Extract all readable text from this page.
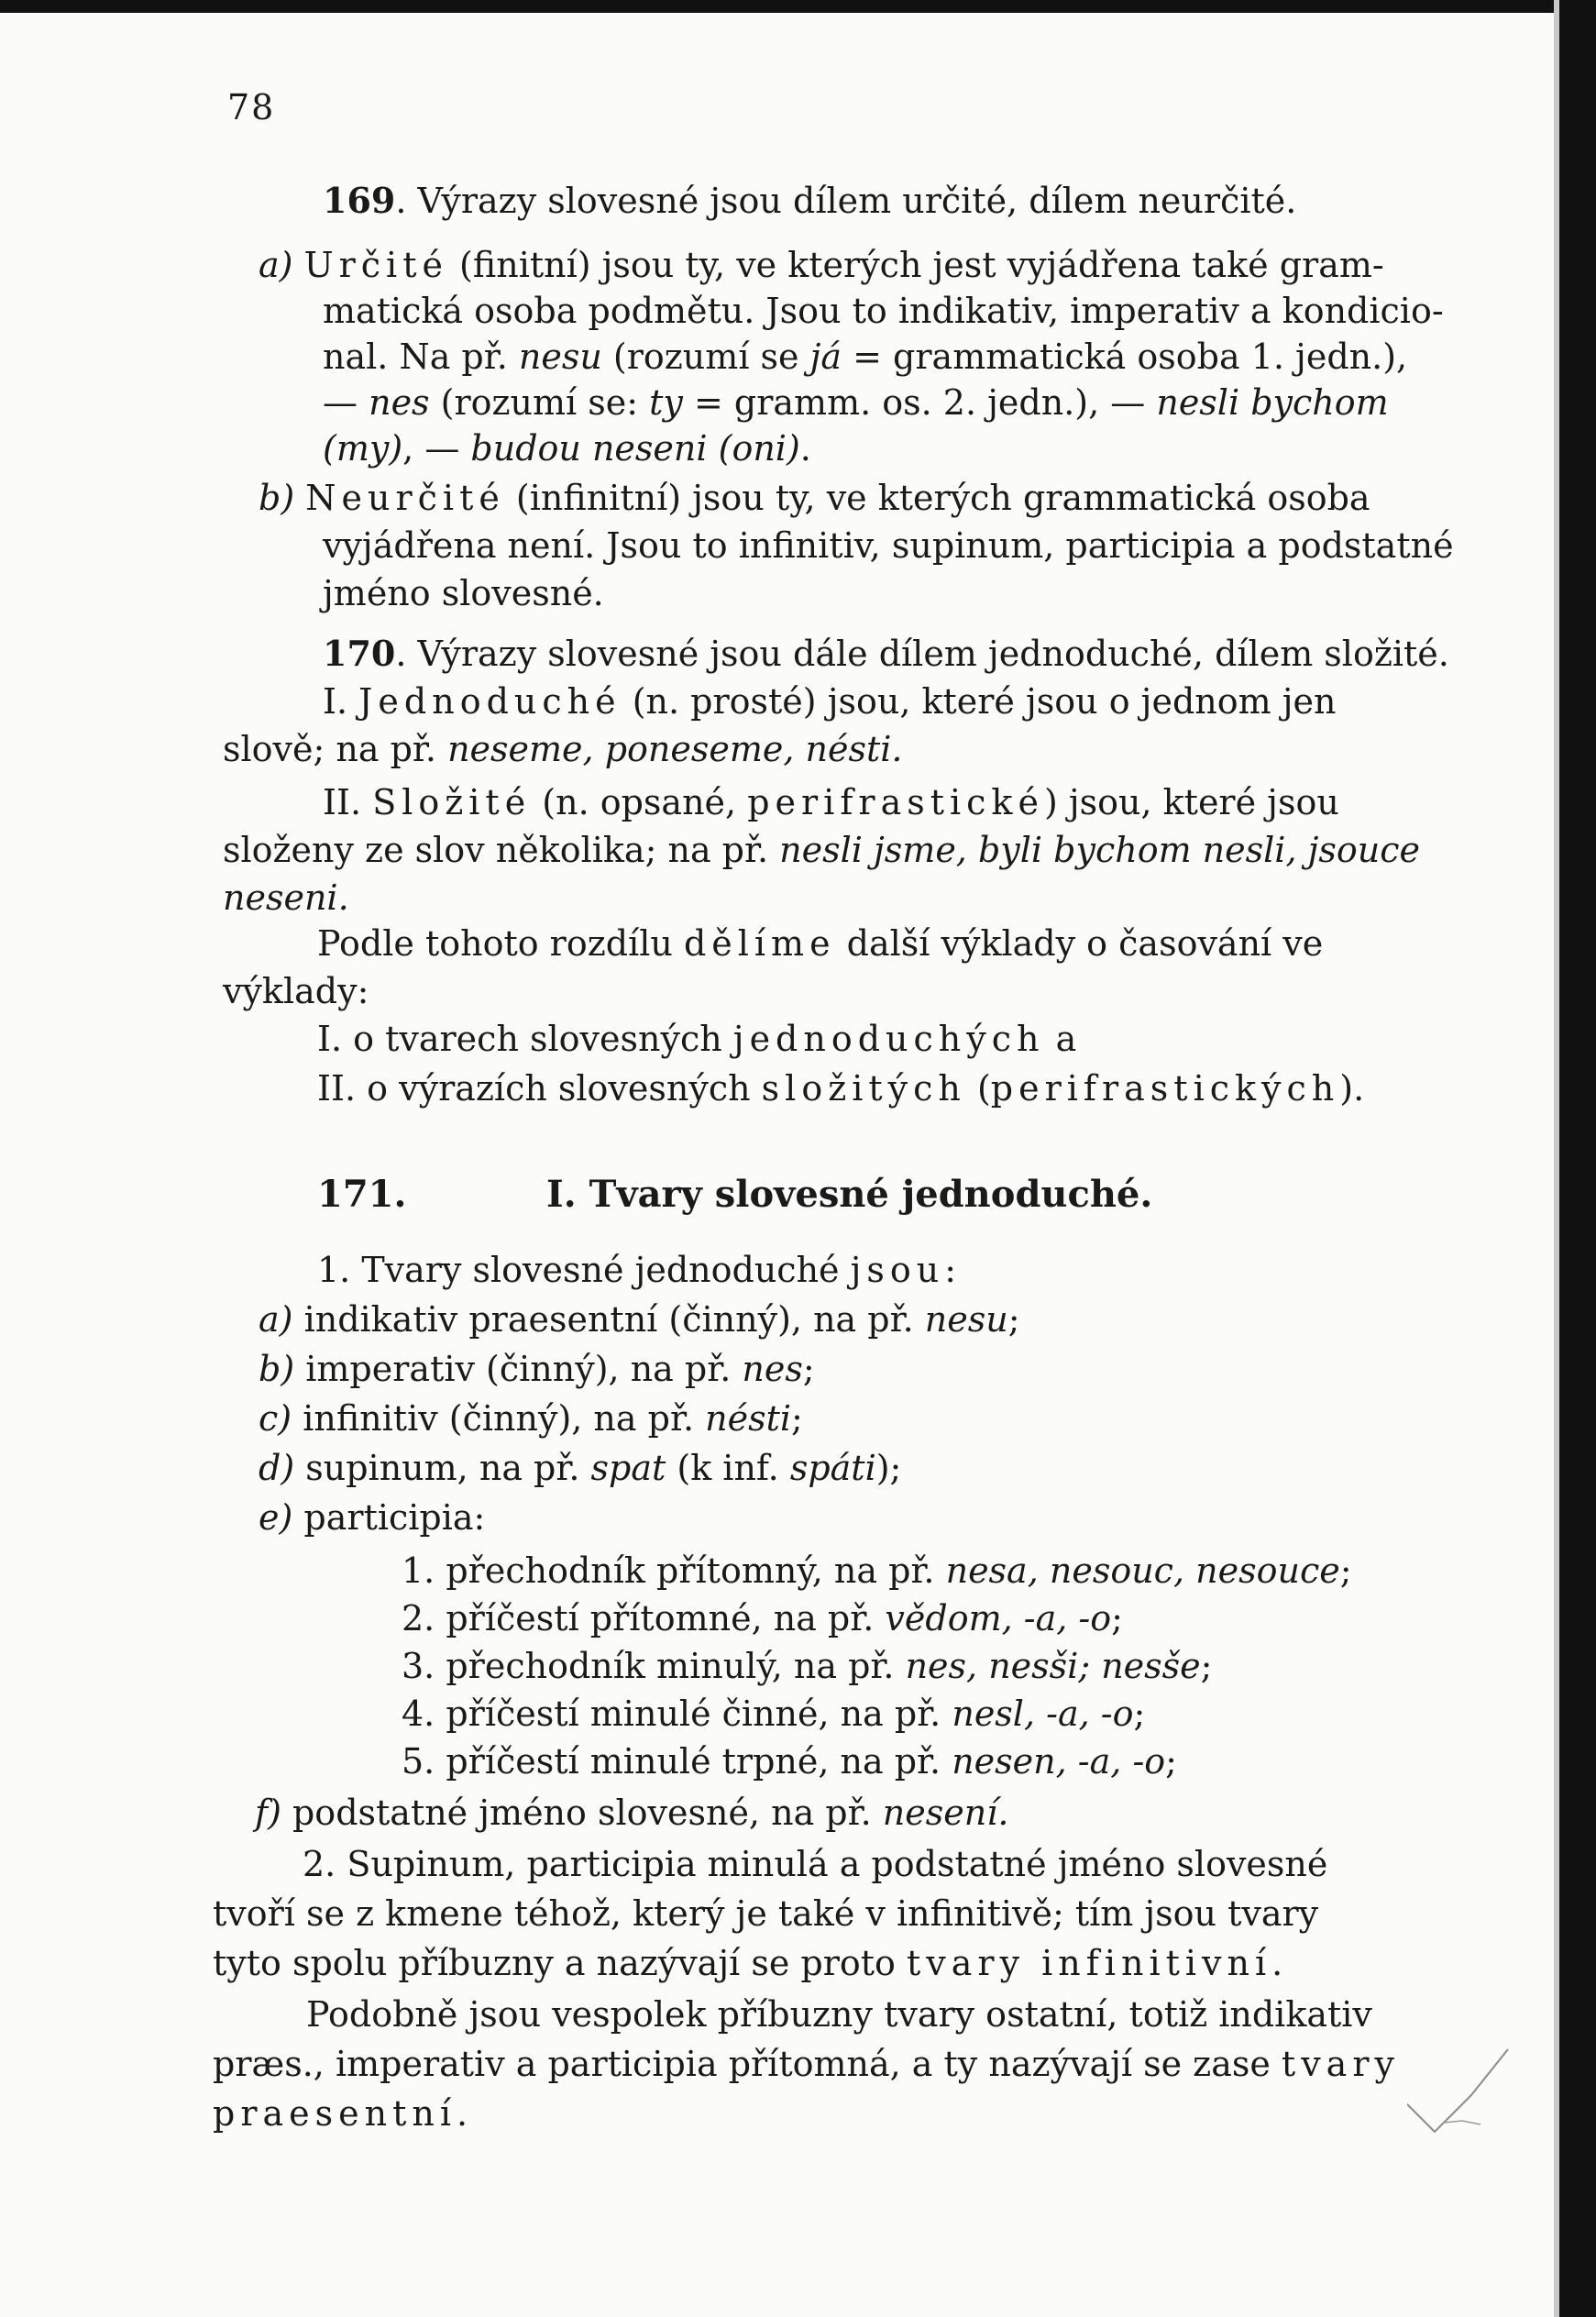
78
169. Výrazy slovesné jsou dílem určité, dílem neurčité.
a) Určité (finitní) jsou ty, ve kterých jest vyjádřena také gram-
matická osoba podmětu. Jsou to indikativ, imperativ a kondicio-
nal. Na př. nesu (rozumí se já = grammatická osoba 1. jedn.),
— nes (rozumí se: ty = gramm. os. 2. jedn.), — nesli bychom
(my), — budou neseni (oni).
b) Neurčité (infinitní) jsou ty, ve kterých grammatická osoba
vyjádřena není. Jsou to infinitiv, supinum, participia a podstatné
jméno slovesné.
170. Výrazy slovesné jsou dále dílem jednoduché, dílem složité.
I. Jednoduché (n. prosté) jsou, které jsou o jednom jen
slově; na př. neseme, poneseme, nésti.
II. Složité (n. opsané, perifrastické) jsou, které jsou
složeny ze slov několika; na př. nesli jsme, byli bychom nesli, jsouce
neseni.
Podle tohoto rozdílu dělíme další výklady o časování ve
výklady:
I. o tvarech slovesných jednoduchých a
II. o výrazích slovesných složitých (perifrastických).
171.	I. Tvary slovesné jednoduché.
1. Tvary slovesné jednoduché jsou:
a) indikativ praesentní (činný), na př. nesu;
b) imperativ (činný), na př. nes;
c) infinitiv (činný), na př. nésti;
d) supinum, na př. spat (k inf. spáti);
e) participia:
1. přechodník přítomný, na př. nesa, nesouc, nesouce;
2. příčestí přítomné, na př. vědom, -a, -o;
3. přechodník minulý, na př. nes, nesši; nesše;
4. příčestí minulé činné, na př. nesl, -a, -o;
5. příčestí minulé trpné, na př. nesen, -a, -o;
f) podstatné jméno slovesné, na př. nesení.
2. Supinum, participia minulá a podstatné jméno slovesné
tvoří se z kmene téhož, který je také v infinitivě; tím jsou tvary
tyto spolu příbuzny a nazývají se proto tvary infinitivní.
Podobně jsou vespolek příbuzny tvary ostatní, totiž indikativ
præs., imperativ a participia přítomná, a ty nazývají se zase tvary
praesentní.
